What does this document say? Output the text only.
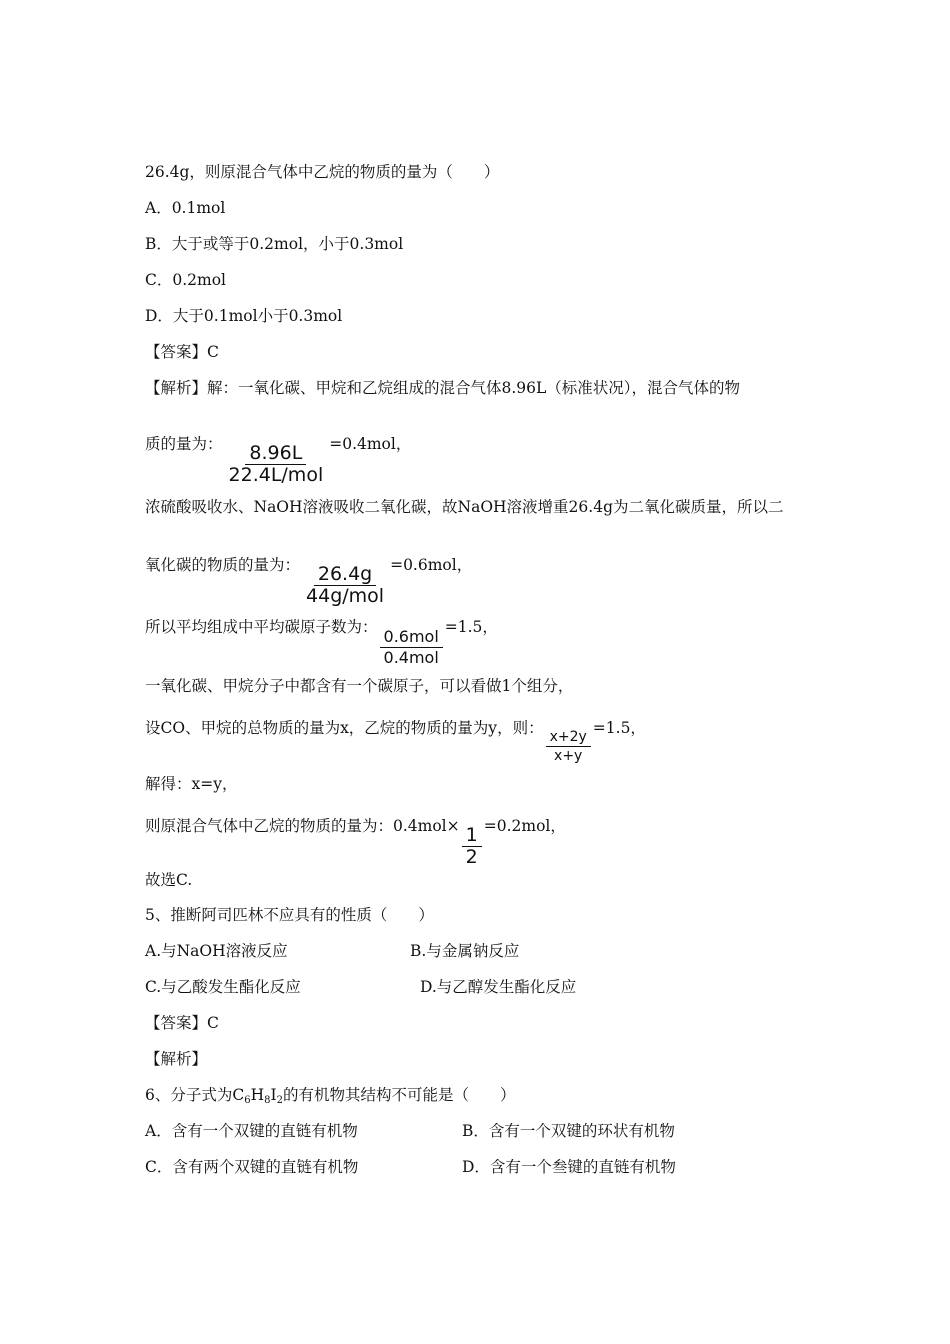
26.4g，则原混合气体中乙烷的物质的量为（　　）
A．0.1mol
B．大于或等于0.2mol，小于0.3mol
C．0.2mol
D．大于0.1mol小于0.3mol
【答案】C
【解析】解：一氧化碳、甲烷和乙烷组成的混合气体8.96L（标准状况），混合气体的物
质的量为： $\frac{8.96L}{\text{22.4L/mol}} =0.4mol$，
浓硫酸吸收水、NaOH溶液吸收二氧化碳，故NaOH溶液增重26.4g为二氧化碳质量，所以二
氧化碳的物质的量为： $\frac{26.4g}{\text{44g/mol}} =0.6mol$，
所以平均组成中平均碳原子数为： $\frac{\text{0.6mol}}{\text{0.4mol}} =1.5$，
一氧化碳、甲烷分子中都含有一个碳原子，可以看做1个组分，
设CO、甲烷的总物质的量为x，乙烷的物质的量为y，则： $\frac{x+2y}{x+y} =1.5$，
解得：x=y，
则原混合气体中乙烷的物质的量为：$0.4mol\times \frac{1}{2} =0.2mol$，
故选C.
5、推断阿司匹林不应具有的性质（　　）
A.与NaOH溶液反应	B.与金属钠反应
C.与乙酸发生酯化反应	D.与乙醇发生酯化反应
【答案】C
【解析】
6、分子式为$C_6H_8I_2$的有机物其结构不可能是（　　）
A．含有一个双键的直链有机物	B．含有一个双键的环状有机物
C．含有两个双键的直链有机物	D．含有一个叁键的直链有机物
